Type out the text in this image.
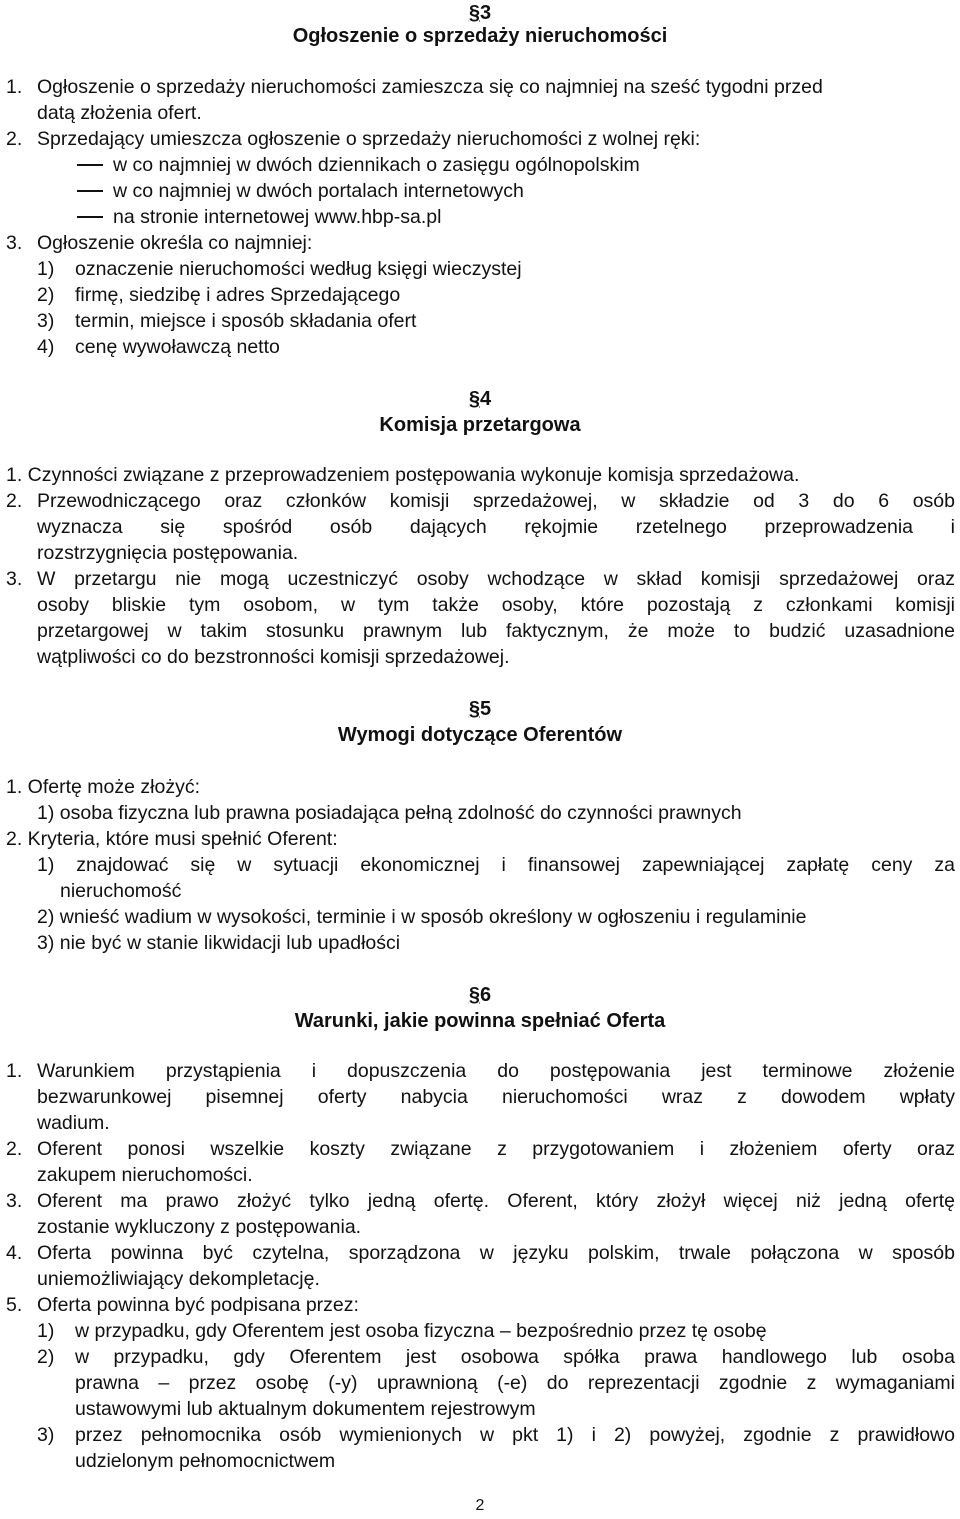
§3
Ogłoszenie o sprzedaży nieruchomości
1. Ogłoszenie o sprzedaży nieruchomości zamieszcza się co najmniej na sześć tygodni przed
datą złożenia ofert.
2. Sprzedający umieszcza ogłoszenie o sprzedaży nieruchomości z wolnej ręki:
w co najmniej w dwóch dziennikach o zasięgu ogólnopolskim
w co najmniej w dwóch portalach internetowych
na stronie internetowej www.hbp-sa.pl
3. Ogłoszenie określa co najmniej:
1) oznaczenie nieruchomości według księgi wieczystej
2) firmę, siedzibę i adres Sprzedającego
3) termin, miejsce i sposób składania ofert
4) cenę wywoławczą netto
§4
Komisja przetargowa
1. Czynności związane z przeprowadzeniem postępowania wykonuje komisja sprzedażowa.
2. Przewodniczącego oraz członków komisji sprzedażowej, w składzie od 3 do 6 osób
wyznacza się spośród osób dających rękojmie rzetelnego przeprowadzenia i
rozstrzygnięcia postępowania.
3. W przetargu nie mogą uczestniczyć osoby wchodzące w skład komisji sprzedażowej oraz
osoby bliskie tym osobom, w tym także osoby, które pozostają z członkami komisji
przetargowej w takim stosunku prawnym lub faktycznym, że może to budzić uzasadnione
wątpliwości co do bezstronności komisji sprzedażowej.
§5
Wymogi dotyczące Oferentów
1. Ofertę może złożyć:
1) osoba fizyczna lub prawna posiadająca pełną zdolność do czynności prawnych
2. Kryteria, które musi spełnić Oferent:
1) znajdować się w sytuacji ekonomicznej i finansowej zapewniającej zapłatę ceny za
nieruchomość
2) wnieść wadium w wysokości, terminie i w sposób określony w ogłoszeniu i regulaminie
3) nie być w stanie likwidacji lub upadłości
§6
Warunki, jakie powinna spełniać Oferta
1. Warunkiem przystąpienia i dopuszczenia do postępowania jest terminowe złożenie
bezwarunkowej pisemnej oferty nabycia nieruchomości wraz z dowodem wpłaty
wadium.
2. Oferent ponosi wszelkie koszty związane z przygotowaniem i złożeniem oferty oraz
zakupem nieruchomości.
3. Oferent ma prawo złożyć tylko jedną ofertę. Oferent, który złożył więcej niż jedną ofertę
zostanie wykluczony z postępowania.
4. Oferta powinna być czytelna, sporządzona w języku polskim, trwale połączona w sposób
uniemożliwiający dekompletację.
5. Oferta powinna być podpisana przez:
1) w przypadku, gdy Oferentem jest osoba fizyczna – bezpośrednio przez tę osobę
2) w przypadku, gdy Oferentem jest osobowa spółka prawa handlowego lub osoba
prawna – przez osobę (-y) uprawnioną (-e) do reprezentacji zgodnie z wymaganiami
ustawowymi lub aktualnym dokumentem rejestrowym
3) przez pełnomocnika osób wymienionych w pkt 1) i 2) powyżej, zgodnie z prawidłowo
udzielonym pełnomocnictwem
2
